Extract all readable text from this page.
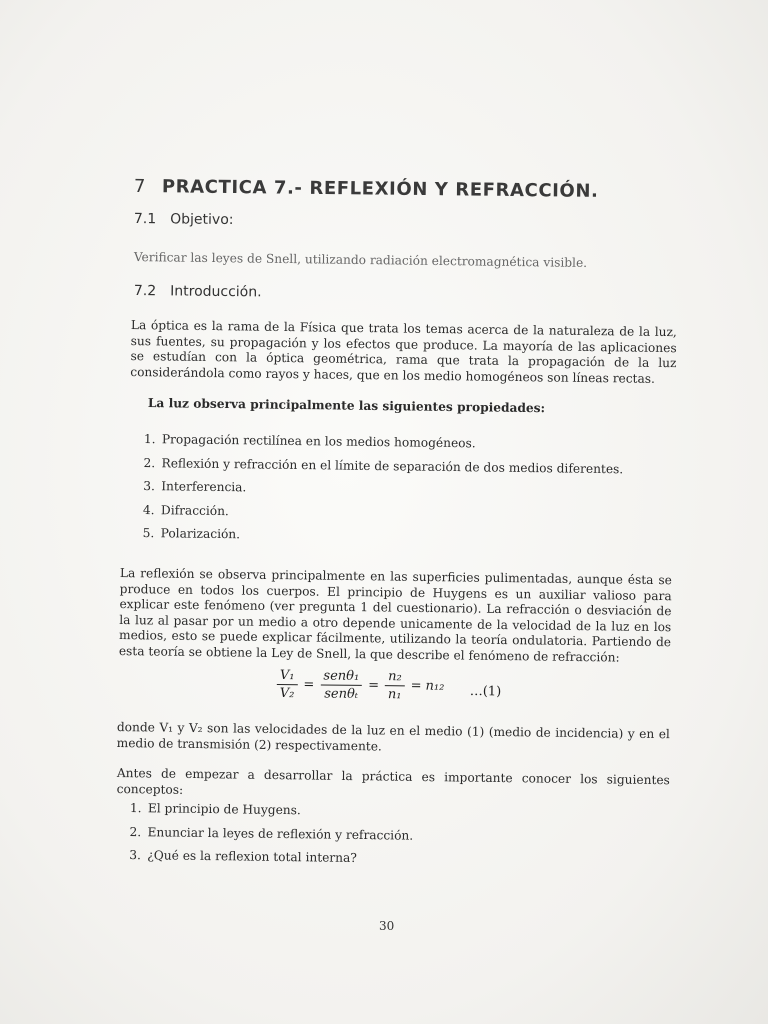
7 PRACTICA 7.- REFLEXIÓN Y REFRACCIÓN.
7.1 Objetivo:
Verificar las leyes de Snell, utilizando radiación electromagnética visible.
7.2 Introducción.
La óptica es la rama de la Física que trata los temas acerca de la naturaleza de la luz, sus fuentes, su propagación y los efectos que produce. La mayoría de las aplicaciones se estudían con la óptica geométrica, rama que trata la propagación de la luz considerándola como rayos y haces, que en los medio homogéneos son líneas rectas.
La luz observa principalmente las siguientes propiedades:
1. Propagación rectilínea en los medios homogéneos.
2. Reflexión y refracción en el límite de separación de dos medios diferentes.
3. Interferencia.
4. Difracción.
5. Polarización.
La reflexión se observa principalmente en las superficies pulimentadas, aunque ésta se produce en todos los cuerpos. El principio de Huygens es un auxiliar valioso para explicar este fenómeno (ver pregunta 1 del cuestionario). La refracción o desviación de la luz al pasar por un medio a otro depende unicamente de la velocidad de la luz en los medios, esto se puede explicar fácilmente, utilizando la teoría ondulatoria. Partiendo de esta teoría se obtiene la Ley de Snell, la que describe el fenómeno de refracción:
$\frac{\text{V₁}}{\text{V₂}} = \frac{\text{senθ₁}}{\text{senθₜ}} = \frac{\text{n₂}}{\text{n₁}} = n_{12}$ …(1)
donde V₁ y V₂ son las velocidades de la luz en el medio (1) (medio de incidencia) y en el medio de transmisión (2) respectivamente.
Antes de empezar a desarrollar la práctica es importante conocer los siguientes conceptos:
1. El principio de Huygens.
2. Enunciar la leyes de reflexión y refracción.
3. ¿Qué es la reflexion total interna?
30
